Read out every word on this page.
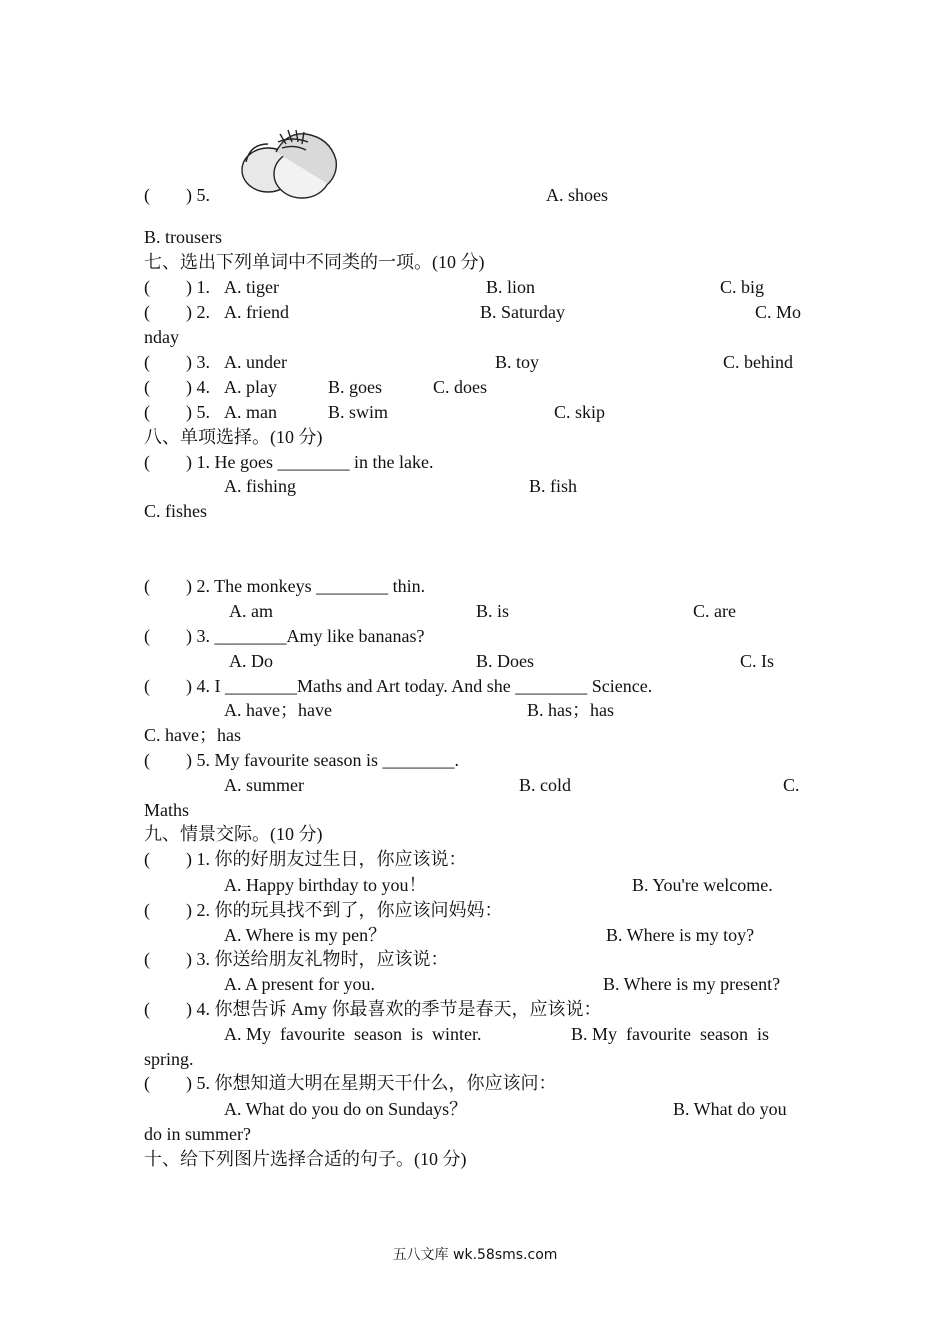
(        ) 5.	A. shoes
B. trousers
七、选出下列单词中不同类的一项。(10 分)
(        ) 1. A. tiger	B. lion	C. big
(        ) 2. A. friend	B. Saturday	C. Mo
nday
(        ) 3. A. under	B. toy	C. behind
(        ) 4. A. play	B. goes	C. does
(        ) 5. A. man	B. swim	C. skip
八、单项选择。(10 分)
(        ) 1. He goes ________ in the lake.
A. fishing	B. fish
C. fishes
(        ) 2. The monkeys ________ thin.
A. am	B. is	C. are
(        ) 3. ________Amy like bananas?
A. Do	B. Does	C. Is
(        ) 4. I ________Maths and Art today. And she ________ Science.
A. have；have	B. has；has
C. have；has
(        ) 5. My favourite season is ________.
A. summer	B. cold	C.
Maths
九、情景交际。(10 分)
(        ) 1. 你的好朋友过生日，你应该说：
A. Happy birthday to you！	B. You're welcome.
(        ) 2. 你的玩具找不到了，你应该问妈妈：
A. Where is my pen？	B. Where is my toy?
(        ) 3. 你送给朋友礼物时，应该说：
A. A present for you.	B. Where is my present?
(        ) 4. 你想告诉 Amy 你最喜欢的季节是春天，应该说：
A. My  favourite  season  is  winter.	B. My  favourite  season  is
spring.
(        ) 5. 你想知道大明在星期天干什么，你应该问：
A. What do you do on Sundays？	B. What do you
do in summer?
十、给下列图片选择合适的句子。(10 分)
五八文库 wk.58sms.com
